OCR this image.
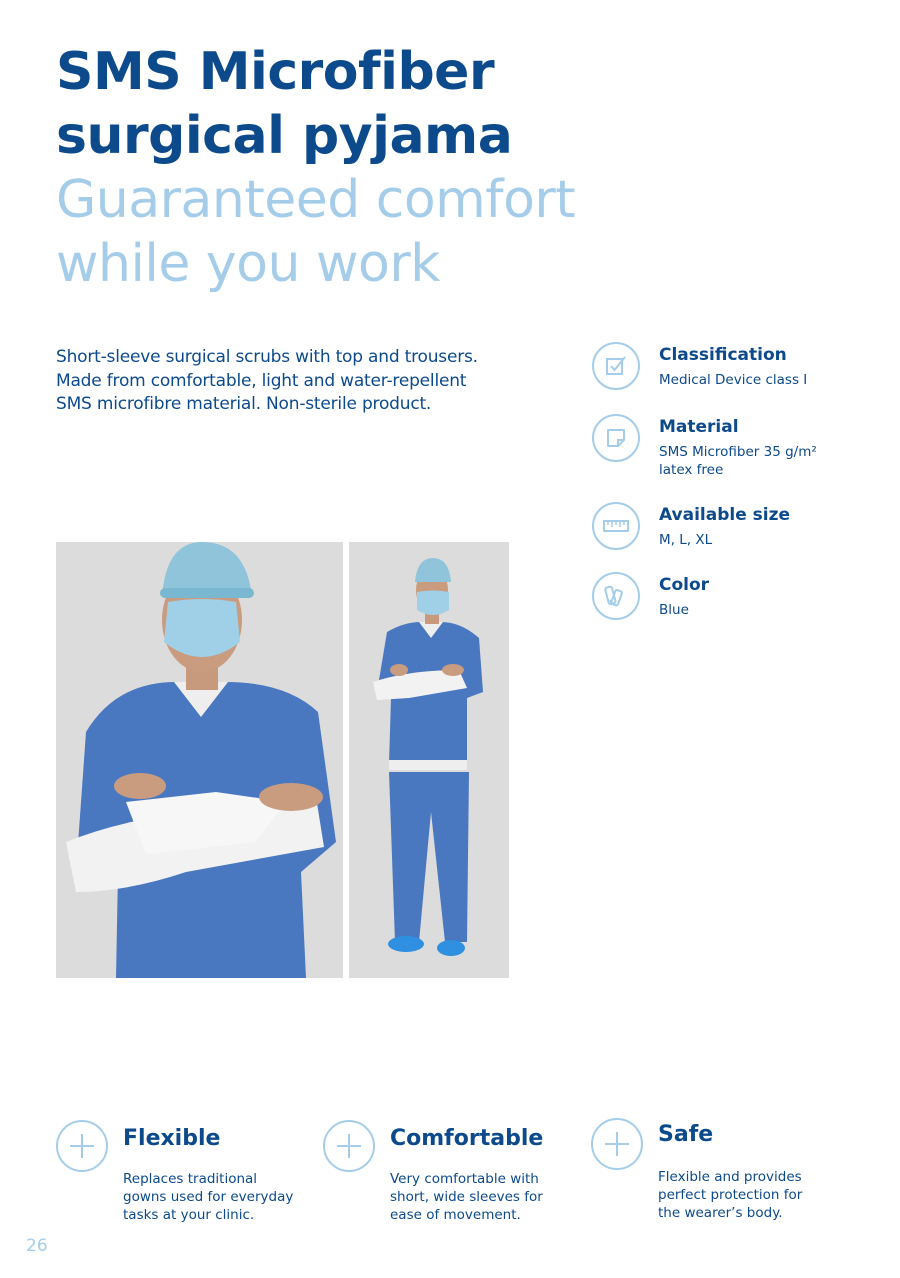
SMS Microfiber
surgical pyjama
Guaranteed comfort
while you work
Short-sleeve surgical scrubs with top and trousers.
Made from comfortable, light and water-repellent
SMS microfibre material. Non-sterile product.
Classification
Medical Device class I
Material
SMS Microfiber 35 g/m²
latex free
Available size
M, L, XL
Color
Blue
Flexible
Replaces traditional
gowns used for everyday
tasks at your clinic.
Comfortable
Very comfortable with
short, wide sleeves for
ease of movement.
Safe
Flexible and provides
perfect protection for
the wearer’s body.
26
